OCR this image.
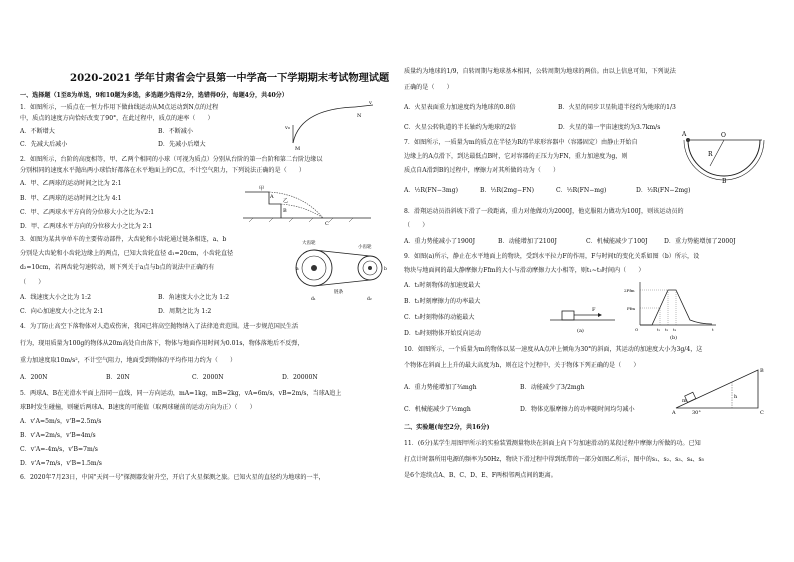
2020-2021 学年甘肃省会宁县第一中学高一下学期期末考试物理试题
一、选择题（1至8为单选，9和10题为多选，多选题少选得2分，选错得0分，每题4分，共40分）
1．如图所示，一质点在一恒力作用下做曲线运动从M点运动到N点的过程
中，质点的速度方向恰好改变了90°，在此过程中，质点的速率（　　）
A．不断增大	B．不断减小
C．先减大后减小	D．先减小后增大
v₀
v
N
M
2．如图所示，台阶的高度相等，甲、乙两个相同的小球（可视为质点）分别从台阶的第一台阶和第二台阶边缘以
分别相同的速度水平抛出两小球恰好都落在水平地面上的C点，不计空气阻力，下列说法正确的是（　　）
A．甲、乙两球的运动时间之比为 2:1
B．甲、乙两球的运动时间之比为 4:1
C．甲、乙两球水平方向的分位移大小之比为√2:1
D．甲、乙两球水平方向的分位移大小之比为 2:1
甲
乙
A
B
C
3．如图为某共享单车的主要传动部件，大齿轮和小齿轮通过链条相连，a、b
分别是大齿轮和小齿轮边缘上的两点，已知大齿轮直径 d₁=20cm，小齿轮直径
d₂=10cm，若两齿轮匀速转动，则下列关于a点与b点的说法中正确的有
（　　）
A．线速度大小之比为 1:2	B．角速度大小之比为 1:2
C．向心加速度大小之比为 2:1	D．周期之比为 1:2
大齿轮
小齿轮
链条
a	b
d₁	d₂
4．为了防止高空下落物体对人造成伤害，我国已将高空抛物纳入了法律追责范围。进一步规范国民生活
行为，现用质量为100g的物体从20m高处自由落下，物体与地面作用时间为0.01s，物体落地后不反弹，
重力加速度取10m/s²，不计空气阻力，地面受到物体的平均作用力约为（　　）
A．200N	B．20N	C．2000N	D．20000N
5．两球A、B在光滑水平面上沿同一直线，同一方向运动，mA=1kg，mB=2kg，vA=6m/s，vB=2m/s，当球A追上
球B时发生碰撞，则碰后两球A、B速度的可能值（取两球碰前的运动方向为正）（　　）
A．v'A=5m/s，v'B=2.5m/s
B．v'A=2m/s，v'B=4m/s
C．v'A=-4m/s，v'B=7m/s
D．v'A=7m/s，v'B=1.5m/s
6．2020年7月23日，中国"天问一号"探测器发射升空，开启了火星探测之旅。已知火星的直径约为地球的一半，
质量约为地球的1/9，自转周期与地球基本相同，公转周期为地球的两倍。由以上信息可知，下列说法
正确的是（　　）
A．火星表面重力加速度约为地球的0.8倍	B．火星的同步卫星轨道半径约为地球的1/3
C．火星公转轨道的半长轴约为地球的2倍	D．火星的第一宇宙速度约为3.7km/s
7．如图所示，一质量为m的质点在半径为R的半球形容器中（容器固定）由静止开始自
边缘上的A点滑下，到达最低点B时，它对容器的正压力为FN，重力加速度为g，则
质点自A滑到B的过程中，摩擦力对其所做的功为（　　）
A．½R(FN−3mg)	B．½R(2mg−FN)	C．½R(FN−mg)	D．½R(FN−2mg)
A	O
R
B
8．滑翔运动员沿斜坡下滑了一段距离，重力对他做功为2000J，他克服阻力做功为100J，则该运动员的
（　　）
A．重力势能减小了1900J	B．动能增加了2100J	C．机械能减少了100J	D．重力势能增加了2000J
9．如图(a)所示，静止在水平地面上的物块，受到水平拉力F的作用，F与时间t的变化关系如图（b）所示，设
物块与地面间的最大静摩擦力Ffm的大小与滑动摩擦力大小相等，则t₁~t₃时间内（　　）
A．t₂时刻物体的加速度最大
B．t₂时刻摩擦力的功率最大
C．t₃时刻物体的动能最大
D．t₃时刻物体开始反向运动
F
(a)
2Ffm
Ffm
O	t₁ t₂ t₃	t
(b)
10．如图所示，一个质量为m的物体以某一速度从A点冲上倾角为30°的斜面，其运动的加速度大小为3g/4，这
个物体在斜面上上升的最大高度为h，则在这个过程中，关于物体下列正确的是（　　）
A．重力势能增加了¾mgh	B．动能减少了3/2mgh
C．机械能减少了½mgh	D．物体克服摩擦力的功率随时间均匀减小	A
B
C
m
h
30°
二、实验题(每空2分，共16分)
11．(6分)某学生用图甲所示的实验装置测量物块在斜面上向下匀加速滑动的某段过程中摩擦力所做的功。已知
打点计时器所用电源的频率为50Hz，物块下滑过程中得到纸带的一部分如图乙所示，图中的s₁、s₂、s₃、s₄、s₅
是6个连续点A、B、C、D、E、F两相邻两点间的距离。
